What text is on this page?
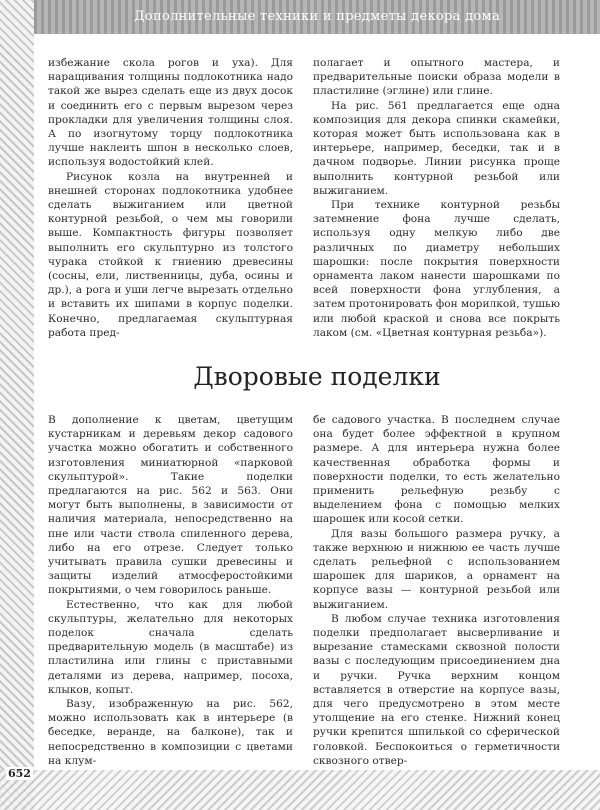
Дополнительные техники и предметы декора дома

избежание скола рогов и уха). Для наращивания толщины подлокотника надо такой же вырез сделать еще из двух досок и соединить его с первым вырезом через прокладки для увеличения толщины слоя. А по изогнутому торцу подлокотника лучше наклеить шпон в несколько слоев, используя водостойкий клей.

Рисунок козла на внутренней и внешней сторонах подлокотника удобнее сделать выжиганием или цветной контурной резьбой, о чем мы говорили выше. Компактность фигуры позволяет выполнить его скульптурно из толстого чурака стойкой к гниению древесины (сосны, ели, лиственницы, дуба, осины и др.), а рога и уши легче вырезать отдельно и вставить их шипами в корпус поделки. Конечно, предлагаемая скульптурная работа пред-

полагает и опытного мастера, и предварительные поиски образа модели в пластилине (эглине) или глине.

На рис. 561 предлагается еще одна композиция для декора спинки скамейки, которая может быть использована как в интерьере, например, беседки, так и в дачном подворье. Линии рисунка проще выполнить контурной резьбой или выжиганием.

При технике контурной резьбы затемнение фона лучше сделать, используя одну мелкую либо две различных по диаметру небольших шарошки: после покрытия поверхности орнамента лаком нанести шарошками по всей поверхности фона углубления, а затем протонировать фон морилкой, тушью или любой краской и снова все покрыть лаком (см. «Цветная контурная резьба»).

Дворовые поделки

В дополнение к цветам, цветущим кустарникам и деревьям декор садового участка можно обогатить и собственного изготовления миниатюрной «парковой скульптурой». Такие поделки предлагаются на рис. 562 и 563. Они могут быть выполнены, в зависимости от наличия материала, непосредственно на пне или части ствола спиленного дерева, либо на его отрезе. Следует только учитывать правила сушки древесины и защиты изделий атмосферостойкими покрытиями, о чем говорилось раньше.

Естественно, что как для любой скульптуры, желательно для некоторых поделок сначала сделать предварительную модель (в масштабе) из пластилина или глины с приставными деталями из дерева, например, посоха, клыков, копыт.

Вазу, изображенную на рис. 562, можно использовать как в интерьере (в беседке, веранде, на балконе), так и непосредственно в композиции с цветами на клум-

бе садового участка. В последнем случае она будет более эффектной в крупном размере. А для интерьера нужна более качественная обработка формы и поверхности поделки, то есть желательно применить рельефную резьбу с выделением фона с помощью мелких шарошек или косой сетки.

Для вазы большого размера ручку, а также верхнюю и нижнюю ее часть лучше сделать рельефной с использованием шарошек для шариков, а орнамент на корпусе вазы — контурной резьбой или выжиганием.

В любом случае техника изготовления поделки предполагает высверливание и вырезание стамесками сквозной полости вазы с последующим присоединением дна и ручки. Ручка верхним концом вставляется в отверстие на корпусе вазы, для чего предусмотрено в этом месте утолщение на его стенке. Нижний конец ручки крепится шпилькой со сферической головкой. Беспокоиться о герметичности сквозного отвер-

652
